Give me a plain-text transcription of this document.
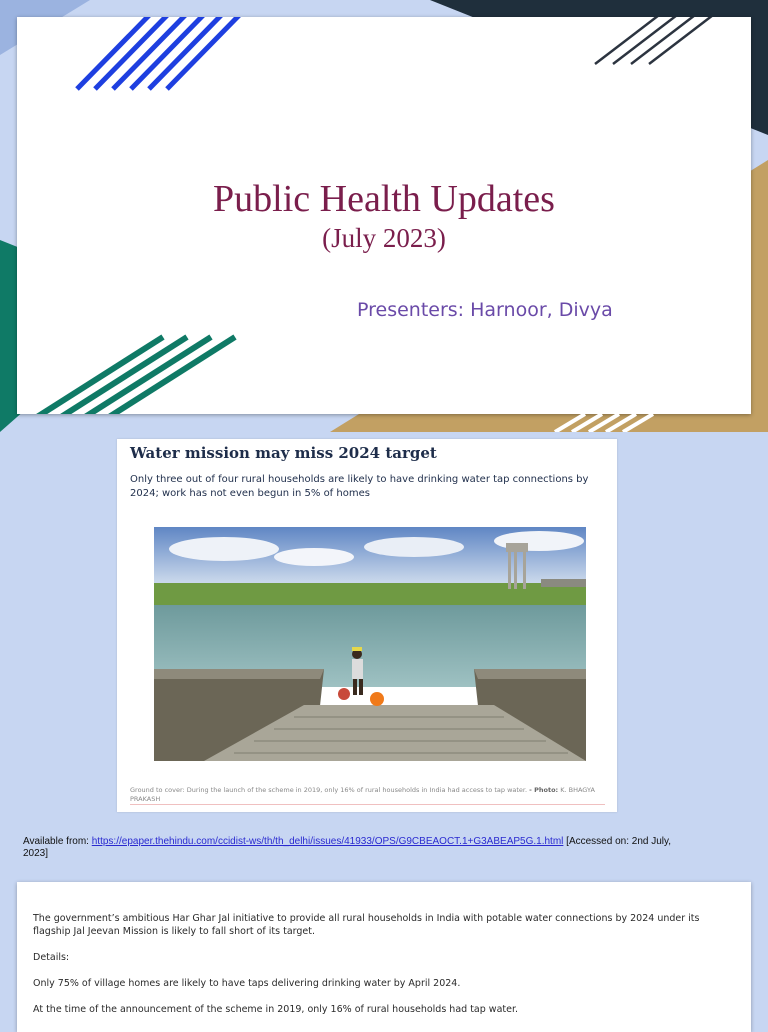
Public Health Updates
(July 2023)
Presenters: Harnoor, Divya
Water mission may miss 2024 target
Only three out of four rural households are likely to have drinking water tap connections by 2024; work has not even begun in 5% of homes
Ground to cover: During the launch of the scheme in 2019, only 16% of rural households in India had access to tap water. - Photo: K. BHAGYA PRAKASH
Available from: https://epaper.thehindu.com/ccidist-ws/th/th_delhi/issues/41933/OPS/G9CBEAOCT.1+G3ABEAP5G.1.html [Accessed on: 2nd July, 2023]

The government’s ambitious Har Ghar Jal initiative to provide all rural households in India with potable water connections by 2024 under its flagship Jal Jeevan Mission is likely to fall short of its target.

Details:

Only 75% of village homes are likely to have taps delivering drinking water by April 2024.

At the time of the announcement of the scheme in 2019, only 16% of rural households had tap water.
